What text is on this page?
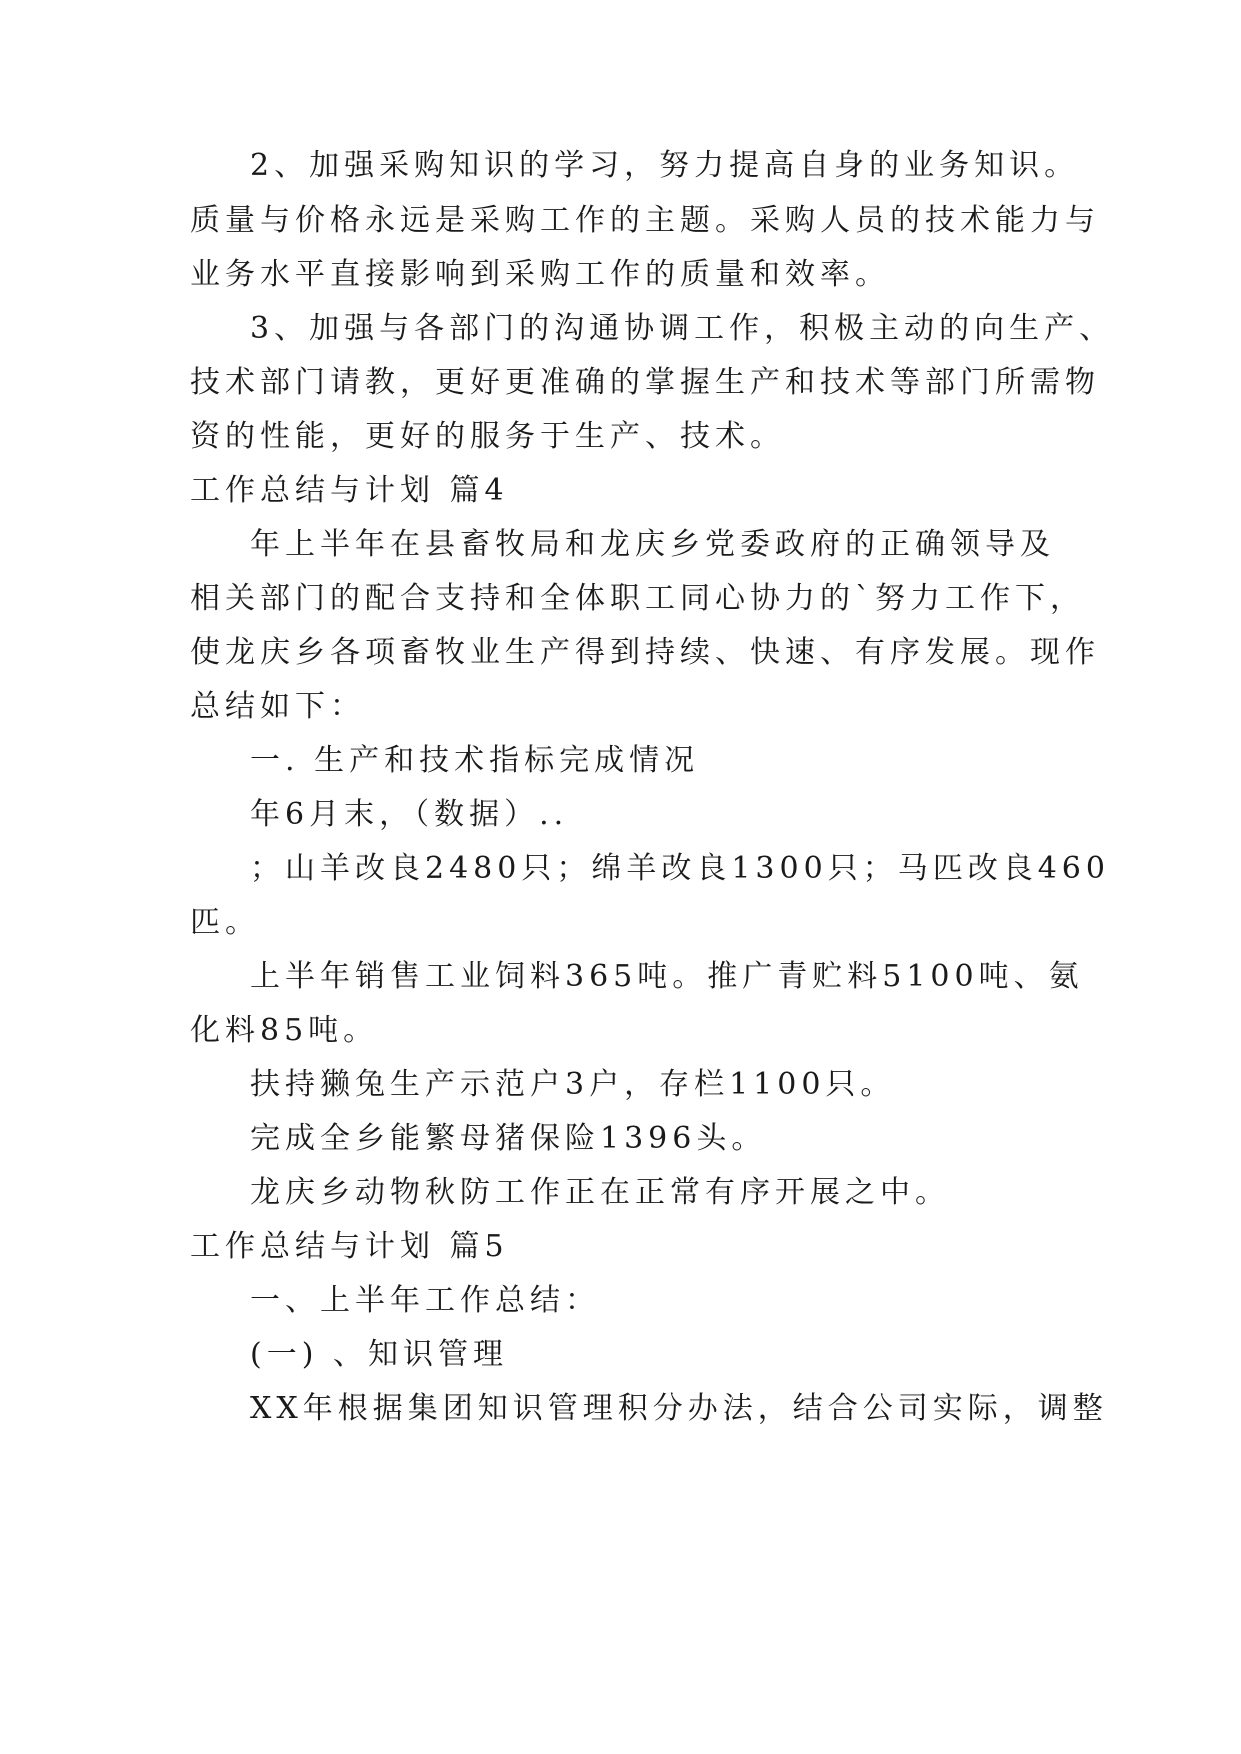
2、加强采购知识的学习，努力提高自身的业务知识。
质量与价格永远是采购工作的主题。采购人员的技术能力与
业务水平直接影响到采购工作的质量和效率。
3、加强与各部门的沟通协调工作，积极主动的向生产、
技术部门请教，更好更准确的掌握生产和技术等部门所需物
资的性能，更好的服务于生产、技术。
工作总结与计划 篇4
年上半年在县畜牧局和龙庆乡党委政府的正确领导及
相关部门的配合支持和全体职工同心协力的`努力工作下，
使龙庆乡各项畜牧业生产得到持续、快速、有序发展。现作
总结如下：
一. 生产和技术指标完成情况
年6月末，（数据）..
；山羊改良2480只；绵羊改良1300只；马匹改良460
匹。
上半年销售工业饲料365吨。推广青贮料5100吨、氨
化料85吨。
扶持獭兔生产示范户3户，存栏1100只。
完成全乡能繁母猪保险1396头。
龙庆乡动物秋防工作正在正常有序开展之中。
工作总结与计划 篇5
一、上半年工作总结：
(一) 、知识管理
XX年根据集团知识管理积分办法，结合公司实际，调整
